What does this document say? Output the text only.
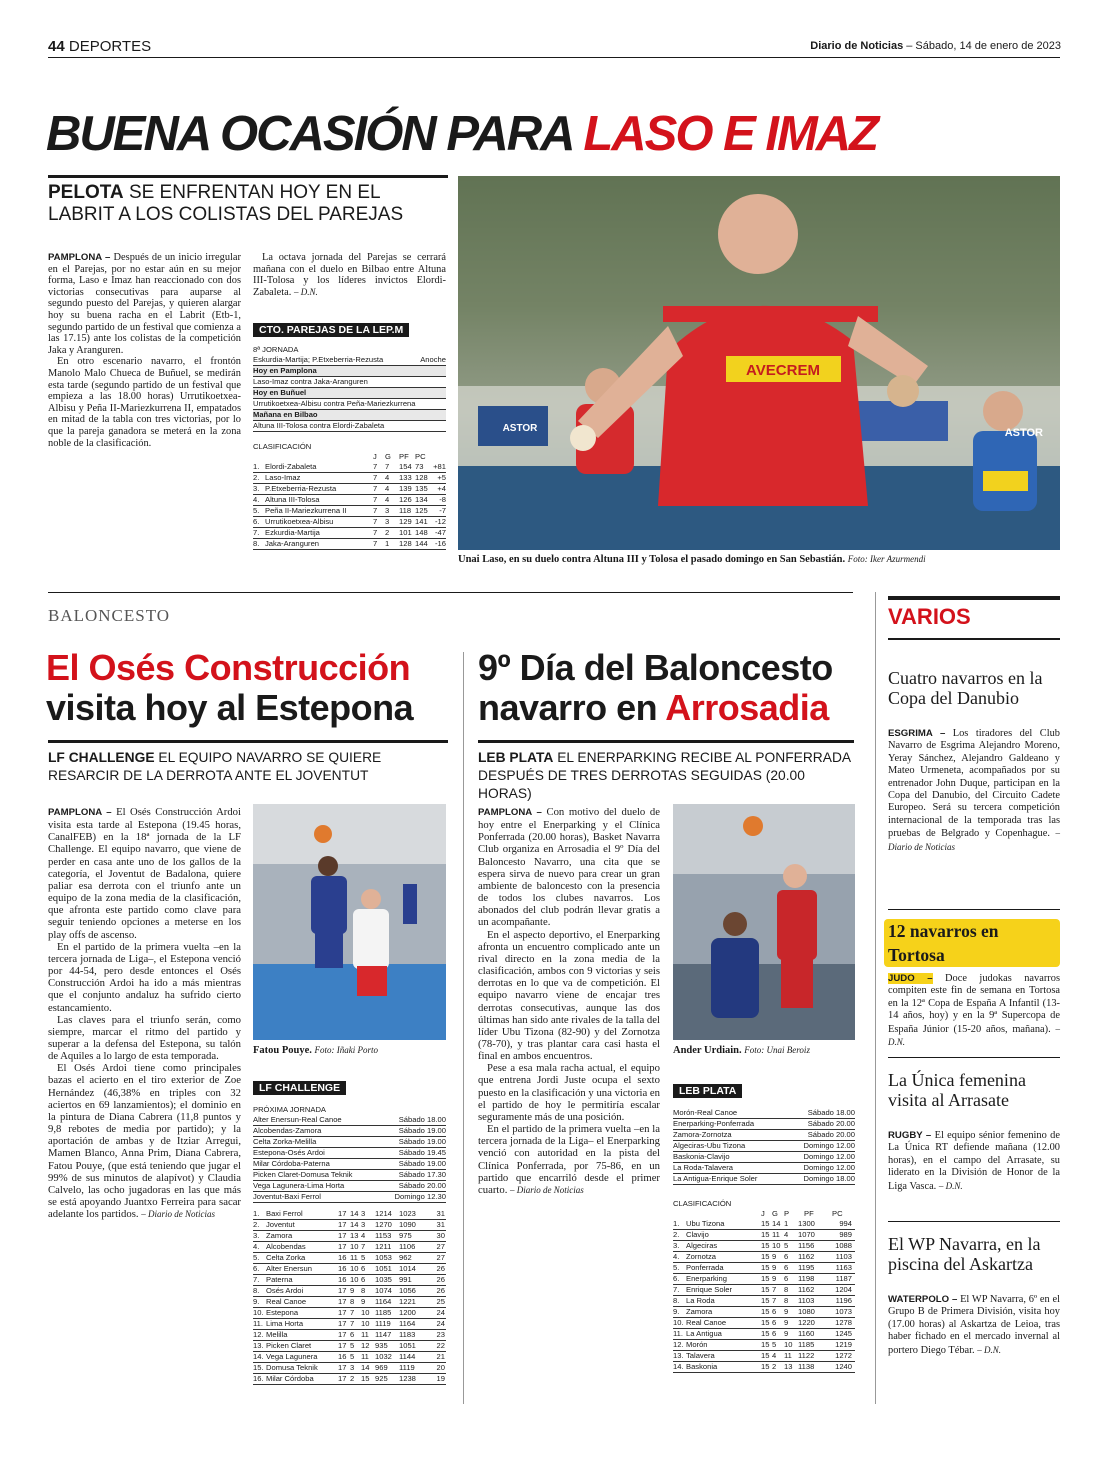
44 DEPORTES	Diario de Noticias – Sábado, 14 de enero de 2023
BUENA OCASIÓN PARA LASO E IMAZ
PELOTA SE ENFRENTAN HOY EN EL LABRIT A LOS COLISTAS DEL PAREJAS

PAMPLONA – Después de un inicio irregular en el Parejas, por no estar aún en su mejor forma, Laso e Imaz han reaccionado con dos victorias consecutivas para auparse al segundo puesto del Parejas, y quieren alargar hoy su buena racha en el Labrit (Etb-1, segundo partido de un festival que comienza a las 17.15) ante los colistas de la competición Jaka y Aranguren.

En otro escenario navarro, el frontón Manolo Malo Chueca de Buñuel, se medirán esta tarde (segundo partido de un festival que empieza a las 18.00 horas) Urrutikoetxea-Albisu y Peña II-Mariezkurrena II, empatados en mitad de la tabla con tres victorias, por lo que la pareja ganadora se meterá en la zona noble de la clasificación.

La octava jornada del Parejas se cerrará mañana con el duelo en Bilbao entre Altuna III-Tolosa y los líderes invictos Elordi-Zabaleta. – D.N.

CTO. PAREJAS DE LA LEP.M
8ª JORNADA
Eskurdia-Martija; P.Etxeberria-Rezusta	Anoche
Hoy en Pamplona
Laso-Imaz contra Jaka-Aranguren
Hoy en Buñuel
Urrutikoetxea-Albisu contra Peña-Mariezkurrena
Mañana en Bilbao
Altuna III-Tolosa contra Elordi-Zabaleta
CLASIFICACIÓN
J	G	PF PC
1. Elordi-Zabaleta	7	7	154 73	+81
2. Laso-Imaz	7	4	133 128	+5
3. P.Etxeberria-Rezusta	7	4	139 135	+4
4. Altuna III-Tolosa	7	4	126 134	-8
5. Peña II-Mariezkurrena II	7	3	118 125	-7
6. Urrutikoetxea-Albisu	7	3	129 141 -12
7. Ezkurdia-Martija	7	2	101 148 -47
8. Jaka-Aranguren	7	1	128 144 -16
AVECREM
ASTOR
ASTOR
Unai Laso, en su duelo contra Altuna III y Tolosa el pasado domingo en San Sebastián. Foto: Iker Azurmendi
BALONCESTO
El Osés Construcción
visita hoy al Estepona
LF CHALLENGE EL EQUIPO NAVARRO SE QUIERE RESARCIR DE LA DERROTA ANTE EL JOVENTUT

PAMPLONA – El Osés Construcción Ardoi visita esta tarde al Estepona (19.45 horas, CanalFEB) en la 18ª jornada de la LF Challenge. El equipo navarro, que viene de perder en casa ante uno de los gallos de la categoría, el Joventut de Badalona, quiere paliar esa derrota con el triunfo ante un equipo de la zona media de la clasificación, que afronta este partido como clave para seguir teniendo opciones a meterse en los play offs de ascenso.

En el partido de la primera vuelta –en la tercera jornada de Liga–, el Estepona venció por 44-54, pero desde entonces el Osés Construcción Ardoi ha ido a más mientras que el conjunto andaluz ha sufrido cierto estancamiento.

Las claves para el triunfo serán, como siempre, marcar el ritmo del partido y superar a la defensa del Estepona, su talón de Aquiles a lo largo de esta temporada.

El Osés Ardoi tiene como principales bazas el acierto en el tiro exterior de Zoe Hernández (46,38% en triples con 32 aciertos en 69 lanzamientos); el dominio en la pintura de Diana Cabrera (11,8 puntos y 9,8 rebotes de media por partido); y la aportación de ambas y de Itziar Arregui, Mamen Blanco, Anna Prim, Diana Cabrera, Fatou Pouye, (que está teniendo que jugar el 99% de sus minutos de alapívot) y Claudia Calvelo, las ocho jugadoras en las que más se está apoyando Juantxo Ferreira para sacar adelante los partidos. – Diario de Noticias

Fatou Pouye. Foto: Iñaki Porto
LF CHALLENGE
PRÓXIMA JORNADA
Alter Enersun-Real Canoe	Sábado 18.00
Alcobendas-Zamora	Sábado 19.00
Celta Zorka-Melilla	Sábado 19.00
Estepona-Osés Ardoi	Sábado 19.45
Milar Córdoba-Paterna	Sábado 19.00
Picken Claret-Domusa Teknik	Sábado 17.30
Vega Lagunera-Lima Horta	Sábado 20.00
Joventut-Baxi Ferrol	Domingo 12.30
1. Baxi Ferrol	17 14 3	1214 1023	31
2. Joventut	17 14 3	1270 1090	31
3. Zamora	17 13 4	1153	975	30
4. Alcobendas	17 10 7	1211	1106	27
5. Celta Zorka	16 11 5	1053 962	27
6. Alter Enersun	16 10 6	1051 1014	26
7. Paterna	16 10 6	1035 991	26
8. Osés Ardoi	17 9 8	1074 1056	26
9. Real Canoe	17 8 9	1164	1221	25
10. Estepona	17 7 10 1185	1200	24
11. Lima Horta	17 7 10 1119	1164	24
12. Melilla	17 6 11 1147	1183	23
13. Picken Claret	17 5 12 935	1051	22
14. Vega Lagunera	16 5 11 1032 1144	21
15. Domusa Teknik	17 3 14 969	1119	20
16. Milar Córdoba	17 2 15 925	1238	19
9º Día del Baloncesto
navarro en Arrosadia
LEB PLATA EL ENERPARKING RECIBE AL PONFERRADA DESPUÉS DE TRES DERROTAS SEGUIDAS (20.00 HORAS)

PAMPLONA – Con motivo del duelo de hoy entre el Enerparking y el Clínica Ponferrada (20.00 horas), Basket Navarra Club organiza en Arrosadia el 9º Día del Baloncesto Navarro, una cita que se espera sirva de nuevo para crear un gran ambiente de baloncesto con la presencia de todos los clubes navarros. Los abonados del club podrán llevar gratis a un acompañante.

En el aspecto deportivo, el Enerparking afronta un encuentro complicado ante un rival directo en la zona media de la clasificación, ambos con 9 victorias y seis derrotas en lo que va de competición. El equipo navarro viene de encajar tres derrotas consecutivas, aunque las dos últimas han sido ante rivales de la talla del líder Ubu Tizona (82-90) y del Zornotza (78-70), y tras plantar cara casi hasta el final en ambos encuentros.

Pese a esa mala racha actual, el equipo que entrena Jordi Juste ocupa el sexto puesto en la clasificación y una victoria en el partido de hoy le permitiría escalar seguramente más de una posición.

En el partido de la primera vuelta –en la tercera jornada de la Liga– el Enerparking venció con autoridad en la pista del Clínica Ponferrada, por 75-86, en un partido que encarriló desde el primer cuarto. – Diario de Noticias

Ander Urdiain. Foto: Unai Beroiz
LEB PLATA
Morón-Real Canoe	Sábado 18.00
Enerparking-Ponferrada	Sábado 20.00
Zamora-Zornotza	Sábado 20.00
Algeciras-Ubu Tizona	Domingo 12.00
Baskonia-Clavijo	Domingo 12.00
La Roda-Talavera	Domingo 12.00
La Antigua-Enrique Soler	Domingo 18.00
CLASIFICACIÓN
J G P	PF	PC
1. Ubu Tizona	15 14 1	1300	994
2. Clavijo	15 11 4	1070	989
3. Algeciras	15 10 5	1156	1088
4. Zornotza	15 9	6	1162	1103
5. Ponferrada	15 9	6	1195	1163
6. Enerparking	15 9	6	1198	1187
7. Enrique Soler	15 7	8	1162	1204
8. La Roda	15 7	8	1103	1196
9. Zamora	15 6	9	1080	1073
10. Real Canoe	15 6	9	1220	1278
11. La Antigua	15 6	9	1160	1245
12. Morón	15 5	10 1185	1219
13. Talavera	15 4	11 1122	1272
14. Baskonia	15 2	13 1138	1240
VARIOS
Cuatro navarros en la Copa del Danubio
ESGRIMA – Los tiradores del Club Navarro de Esgrima Alejandro Moreno, Yeray Sánchez, Alejandro Galdeano y Mateo Urmeneta, acompañados por su entrenador John Duque, participan en la Copa del Danubio, del Circuito Cadete Europeo. Será su tercera competición internacional de la temporada tras las pruebas de Belgrado y Copenhague. – Diario de Noticias
12 navarros en Tortosa
JUDO – Doce judokas navarros compiten este fin de semana en Tortosa en la 12ª Copa de España A Infantil (13-14 años, hoy) y en la 9ª Supercopa de España Júnior (15-20 años, mañana). – D.N.
La Única femenina visita al Arrasate
RUGBY – El equipo sénior femenino de La Única RT defiende mañana (12.00 horas), en el campo del Arrasate, su liderato en la División de Honor de la Liga Vasca. – D.N.
El WP Navarra, en la piscina del Askartza
WATERPOLO – El WP Navarra, 6º en el Grupo B de Primera División, visita hoy (17.00 horas) al Askartza de Leioa, tras haber fichado en el mercado invernal al portero Diego Tébar. – D.N.
